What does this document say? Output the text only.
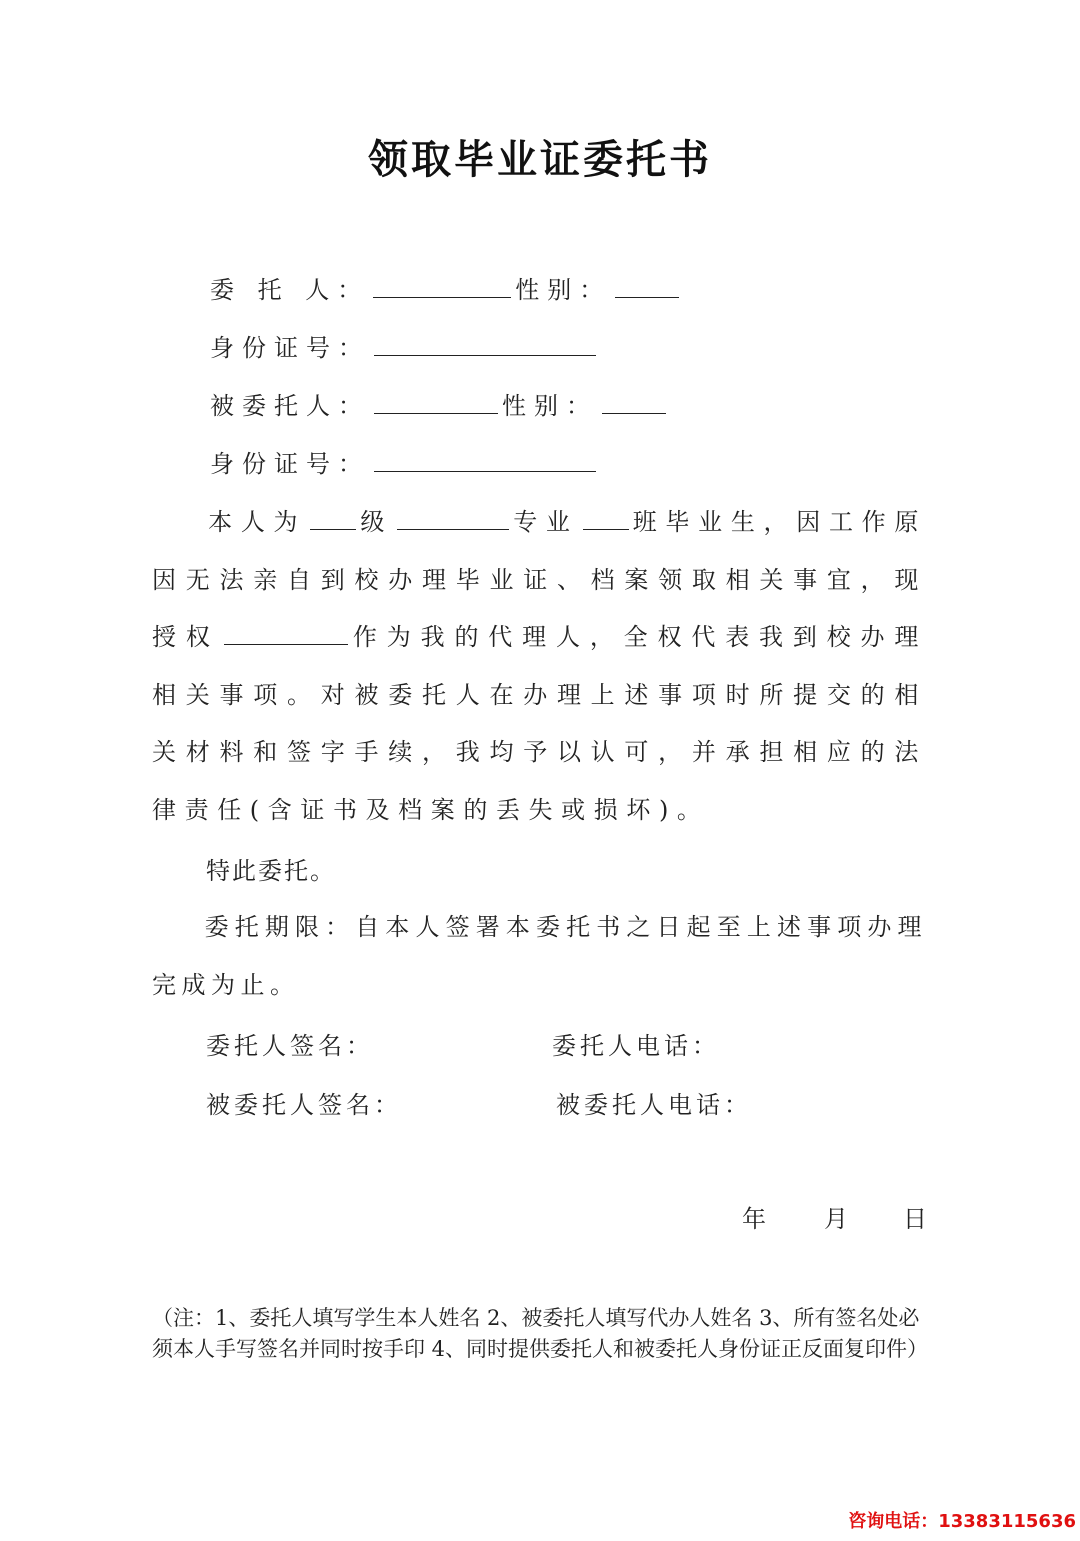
领取毕业证委托书
委 托 人：	性别：
身份证号：
被委托人：	性别：
身份证号：
本人为 级	专业 班毕业生，因工作原因无法亲自到校办理毕业证、档案领取相关事宜，现授权	作为我的代理人，全权代表我到校办理相关事项。对被委托人在办理上述事项时所提交的相关材料和签字手续，我均予以认可，并承担相应的法律责任(含证书及档案的丢失或损坏)。
特此委托。
委托期限：自本人签署本委托书之日起至上述事项办理完成为止。
委托人签名：	委托人电话：
被委托人签名：	被委托人电话：
年 月 日
（注：1、委托人填写学生本人姓名 2、被委托人填写代办人姓名 3、所有签名处必须本人手写签名并同时按手印 4、同时提供委托人和被委托人身份证正反面复印件）
咨询电话：13383115636
